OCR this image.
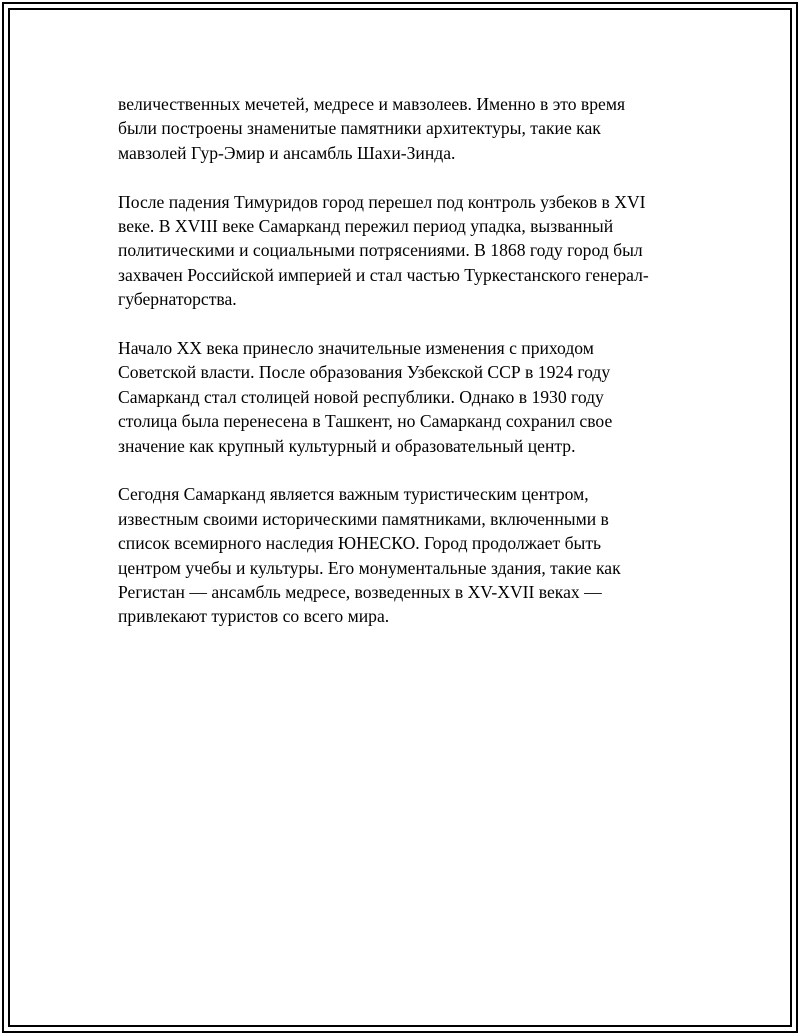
величественных мечетей, медресе и мавзолеев. Именно в это время
были построены знаменитые памятники архитектуры, такие как
мавзолей Гур-Эмир и ансамбль Шахи-Зинда.

После падения Тимуридов город перешел под контроль узбеков в XVI
веке. В XVIII веке Самарканд пережил период упадка, вызванный
политическими и социальными потрясениями. В 1868 году город был
захвачен Российской империей и стал частью Туркестанского генерал-
губернаторства.

Начало XX века принесло значительные изменения с приходом
Советской власти. После образования Узбекской ССР в 1924 году
Самарканд стал столицей новой республики. Однако в 1930 году
столица была перенесена в Ташкент, но Самарканд сохранил свое
значение как крупный культурный и образовательный центр.

Сегодня Самарканд является важным туристическим центром,
известным своими историческими памятниками, включенными в
список всемирного наследия ЮНЕСКО. Город продолжает быть
центром учебы и культуры. Его монументальные здания, такие как
Регистан — ансамбль медресе, возведенных в XV-XVII веках —
привлекают туристов со всего мира.
